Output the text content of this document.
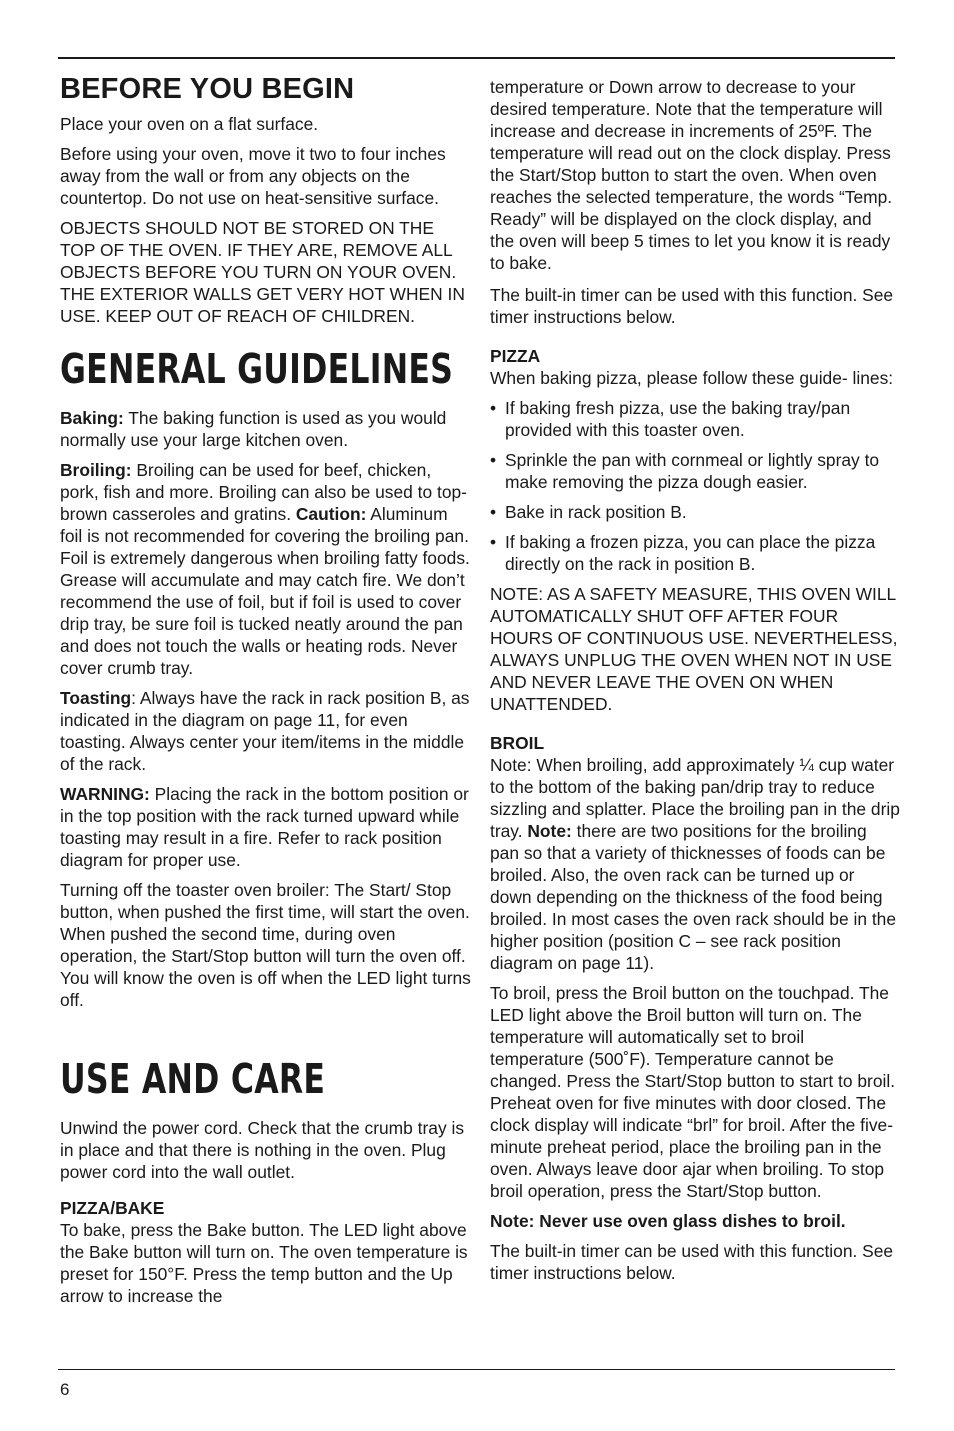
BEFORE YOU BEGIN

Place your oven on a flat surface.

Before using your oven, move it two to four inches away from the wall or from any objects on the countertop. Do not use on heat-sensitive surface.

OBJECTS SHOULD NOT BE STORED ON THE TOP OF THE OVEN. IF THEY ARE, REMOVE ALL OBJECTS BEFORE YOU TURN ON YOUR OVEN. THE EXTERIOR WALLS GET VERY HOT WHEN IN USE. KEEP OUT OF REACH OF CHILDREN.

GENERAL GUIDELINES

Baking: The baking function is used as you would normally use your large kitchen oven.

Broiling: Broiling can be used for beef, chicken, pork, fish and more. Broiling can also be used to top-brown casseroles and gratins. Caution: Aluminum foil is not recommended for covering the broiling pan. Foil is extremely dangerous when broiling fatty foods. Grease will accumulate and may catch fire. We don’t recommend the use of foil, but if foil is used to cover drip tray, be sure foil is tucked neatly around the pan and does not touch the walls or heating rods. Never cover crumb tray.

Toasting: Always have the rack in rack position B, as indicated in the diagram on page 11, for even toasting. Always center your item/items in the middle of the rack.

WARNING: Placing the rack in the bottom position or in the top position with the rack turned upward while toasting may result in a fire. Refer to rack position diagram for proper use.

Turning off the toaster oven broiler: The Start/ Stop button, when pushed the first time, will start the oven. When pushed the second time, during oven operation, the Start/Stop button will turn the oven off. You will know the oven is off when the LED light turns off.

USE AND CARE

Unwind the power cord. Check that the crumb tray is in place and that there is nothing in the oven. Plug power cord into the wall outlet.

PIZZA/BAKE

To bake, press the Bake button. The LED light above the Bake button will turn on. The oven temperature is preset for 150°F. Press the temp button and the Up arrow to increase the

temperature or Down arrow to decrease to your desired temperature. Note that the temperature will increase and decrease in increments of 25ºF. The temperature will read out on the clock display. Press the Start/Stop button to start the oven. When oven reaches the selected temperature, the words “Temp. Ready” will be displayed on the clock display, and the oven will beep 5 times to let you know it is ready to bake.

The built-in timer can be used with this function. See timer instructions below.

PIZZA

When baking pizza, please follow these guide- lines:

• If baking fresh pizza, use the baking tray/pan provided with this toaster oven.
• Sprinkle the pan with cornmeal or lightly spray to make removing the pizza dough easier.
• Bake in rack position B.
• If baking a frozen pizza, you can place the pizza directly on the rack in position B.

NOTE: AS A SAFETY MEASURE, THIS OVEN WILL AUTOMATICALLY SHUT OFF AFTER FOUR HOURS OF CONTINUOUS USE. NEVERTHELESS, ALWAYS UNPLUG THE OVEN WHEN NOT IN USE AND NEVER LEAVE THE OVEN ON WHEN UNATTENDED.

BROIL

Note: When broiling, add approximately ¼ cup water to the bottom of the baking pan/drip tray to reduce sizzling and splatter. Place the broiling pan in the drip tray. Note: there are two positions for the broiling pan so that a variety of thicknesses of foods can be broiled. Also, the oven rack can be turned up or down depending on the thickness of the food being broiled. In most cases the oven rack should be in the higher position (position C – see rack position diagram on page 11).

To broil, press the Broil button on the touchpad. The LED light above the Broil button will turn on. The temperature will automatically set to broil temperature (500˚F). Temperature cannot be changed. Press the Start/Stop button to start to broil. Preheat oven for five minutes with door closed. The clock display will indicate “brl” for broil. After the five-minute preheat period, place the broiling pan in the oven. Always leave door ajar when broiling. To stop broil operation, press the Start/Stop button.

Note: Never use oven glass dishes to broil.

The built-in timer can be used with this function. See timer instructions below.

6
